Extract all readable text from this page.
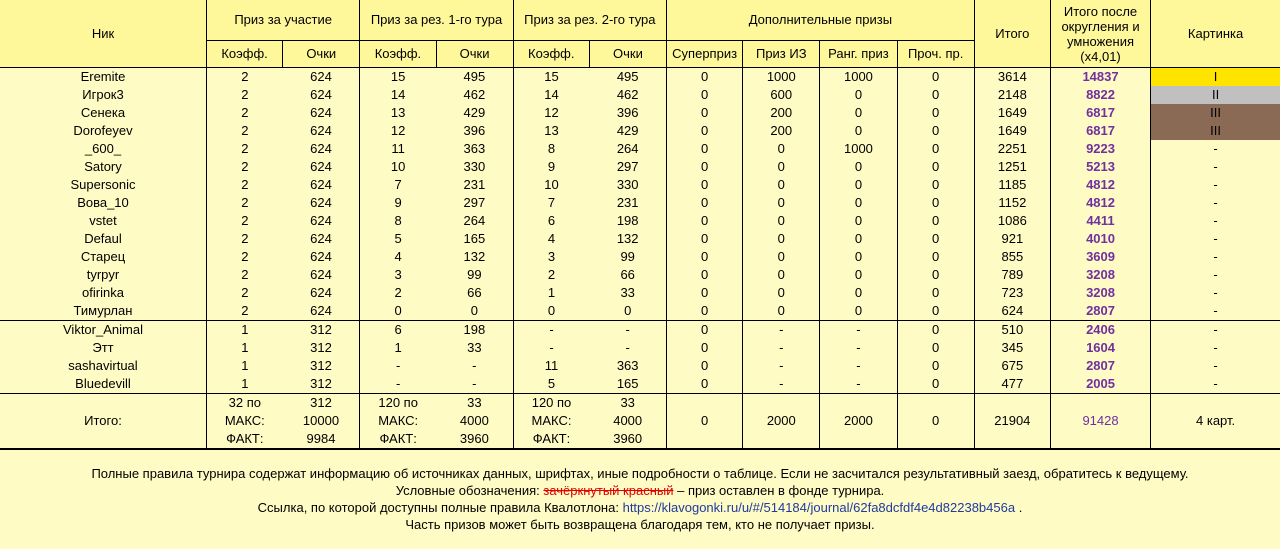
Ник	Приз за участие		Приз за рез. 1-го тура		Приз за рез. 2-го тура		Дополнительные призы				Итого	Итого после
округления и
умножения
(x4,01)	Картинка
	Коэфф.	Очки	Коэфф.	Очки	Коэфф.	Очки	Суперприз	Приз ИЗ	Ранг. приз	Проч. пр.			
Eremite	2	624	15	495	15	495	0	1000	1000	0	3614	14837	I
Игрок3	2	624	14	462	14	462	0	600	0	0	2148	8822	II
Сенека	2	624	13	429	12	396	0	200	0	0	1649	6817	III
Dorofeyev	2	624	12	396	13	429	0	200	0	0	1649	6817	III
_600_	2	624	11	363	8	264	0	0	1000	0	2251	9223	-
Satory	2	624	10	330	9	297	0	0	0	0	1251	5213	-
Supersonic	2	624	7	231	10	330	0	0	0	0	1185	4812	-
Вова_10	2	624	9	297	7	231	0	0	0	0	1152	4812	-
vstet	2	624	8	264	6	198	0	0	0	0	1086	4411	-
Defaul	2	624	5	165	4	132	0	0	0	0	921	4010	-
Старец	2	624	4	132	3	99	0	0	0	0	855	3609	-
tyrpyr	2	624	3	99	2	66	0	0	0	0	789	3208	-
ofirinka	2	624	2	66	1	33	0	0	0	0	723	3208	-
Тимурлан	2	624	0	0	0	0	0	0	0	0	624	2807	-
Viktor_Animal	1	312	6	198	-	-	0	-	-	0	510	2406	-
Этт	1	312	1	33	-	-	0	-	-	0	345	1604	-
sashavirtual	1	312	-	-	11	363	0	-	-	0	675	2807	-
Bluedevill	1	312	-	-	5	165	0	-	-	0	477	2005	-
Итого:	32 по	312	120 по	33	120 по	33	0	2000	2000	0	21904	91428	4 карт.
	МАКС:	10000	МАКС:	4000	МАКС:	4000							
	ФАКТ:	9984	ФАКТ:	3960	ФАКТ:	3960							
Полные правила турнира содержат информацию об источниках данных, шрифтах, иные подробности о таблице. Если не засчитался результативный заезд, обратитесь к ведущему.
Условные обозначения: зачёркнутый красный – приз оставлен в фонде турнира.
Ссылка, по которой доступны полные правила Квалотлона: https://klavogonki.ru/u/#/514184/journal/62fa8dcfdf4e4d82238b456a .
Часть призов может быть возвращена благодаря тем, кто не получает призы.
